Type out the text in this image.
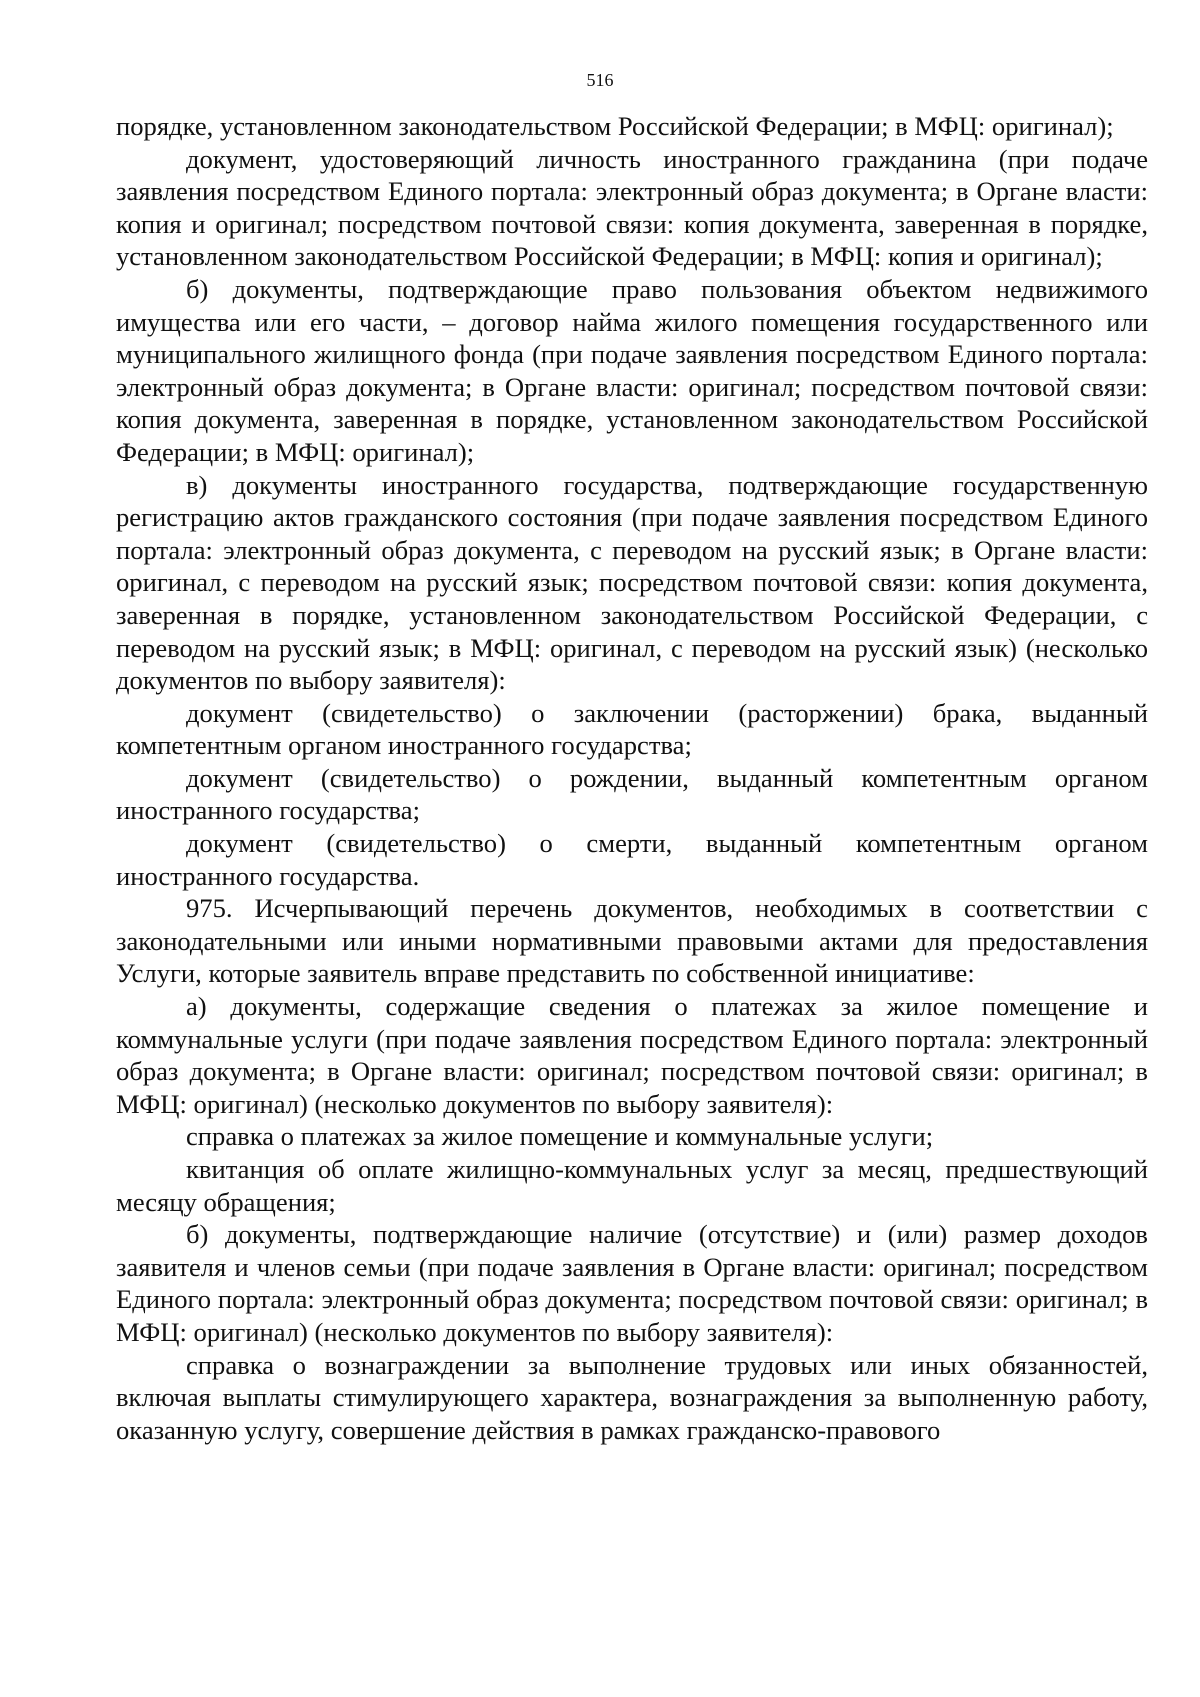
516

порядке, установленном законодательством Российской Федерации; в МФЦ: оригинал);

документ, удостоверяющий личность иностранного гражданина (при подаче заявления посредством Единого портала: электронный образ документа; в Органе власти: копия и оригинал; посредством почтовой связи: копия документа, заверенная в порядке, установленном законодательством Российской Федерации; в МФЦ: копия и оригинал);

б) документы, подтверждающие право пользования объектом недвижимого имущества или его части, – договор найма жилого помещения государственного или муниципального жилищного фонда (при подаче заявления посредством Единого портала: электронный образ документа; в Органе власти: оригинал; посредством почтовой связи: копия документа, заверенная в порядке, установленном законодательством Российской Федерации; в МФЦ: оригинал);

в) документы иностранного государства, подтверждающие государственную регистрацию актов гражданского состояния (при подаче заявления посредством Единого портала: электронный образ документа, с переводом на русский язык; в Органе власти: оригинал, с переводом на русский язык; посредством почтовой связи: копия документа, заверенная в порядке, установленном законодательством Российской Федерации, с переводом на русский язык; в МФЦ: оригинал, с переводом на русский язык) (несколько документов по выбору заявителя):

документ (свидетельство) о заключении (расторжении) брака, выданный компетентным органом иностранного государства;

документ (свидетельство) о рождении, выданный компетентным органом иностранного государства;

документ (свидетельство) о смерти, выданный компетентным органом иностранного государства.

975. Исчерпывающий перечень документов, необходимых в соответствии с законодательными или иными нормативными правовыми актами для предоставления Услуги, которые заявитель вправе представить по собственной инициативе:

а) документы, содержащие сведения о платежах за жилое помещение и коммунальные услуги (при подаче заявления посредством Единого портала: электронный образ документа; в Органе власти: оригинал; посредством почтовой связи: оригинал; в МФЦ: оригинал) (несколько документов по выбору заявителя):

справка о платежах за жилое помещение и коммунальные услуги;

квитанция об оплате жилищно-коммунальных услуг за месяц, предшествующий месяцу обращения;

б) документы, подтверждающие наличие (отсутствие) и (или) размер доходов заявителя и членов семьи (при подаче заявления в Органе власти: оригинал; посредством Единого портала: электронный образ документа; посредством почтовой связи: оригинал; в МФЦ: оригинал) (несколько документов по выбору заявителя):

справка о вознаграждении за выполнение трудовых или иных обязанностей, включая выплаты стимулирующего характера, вознаграждения за выполненную работу, оказанную услугу, совершение действия в рамках гражданско-правового
